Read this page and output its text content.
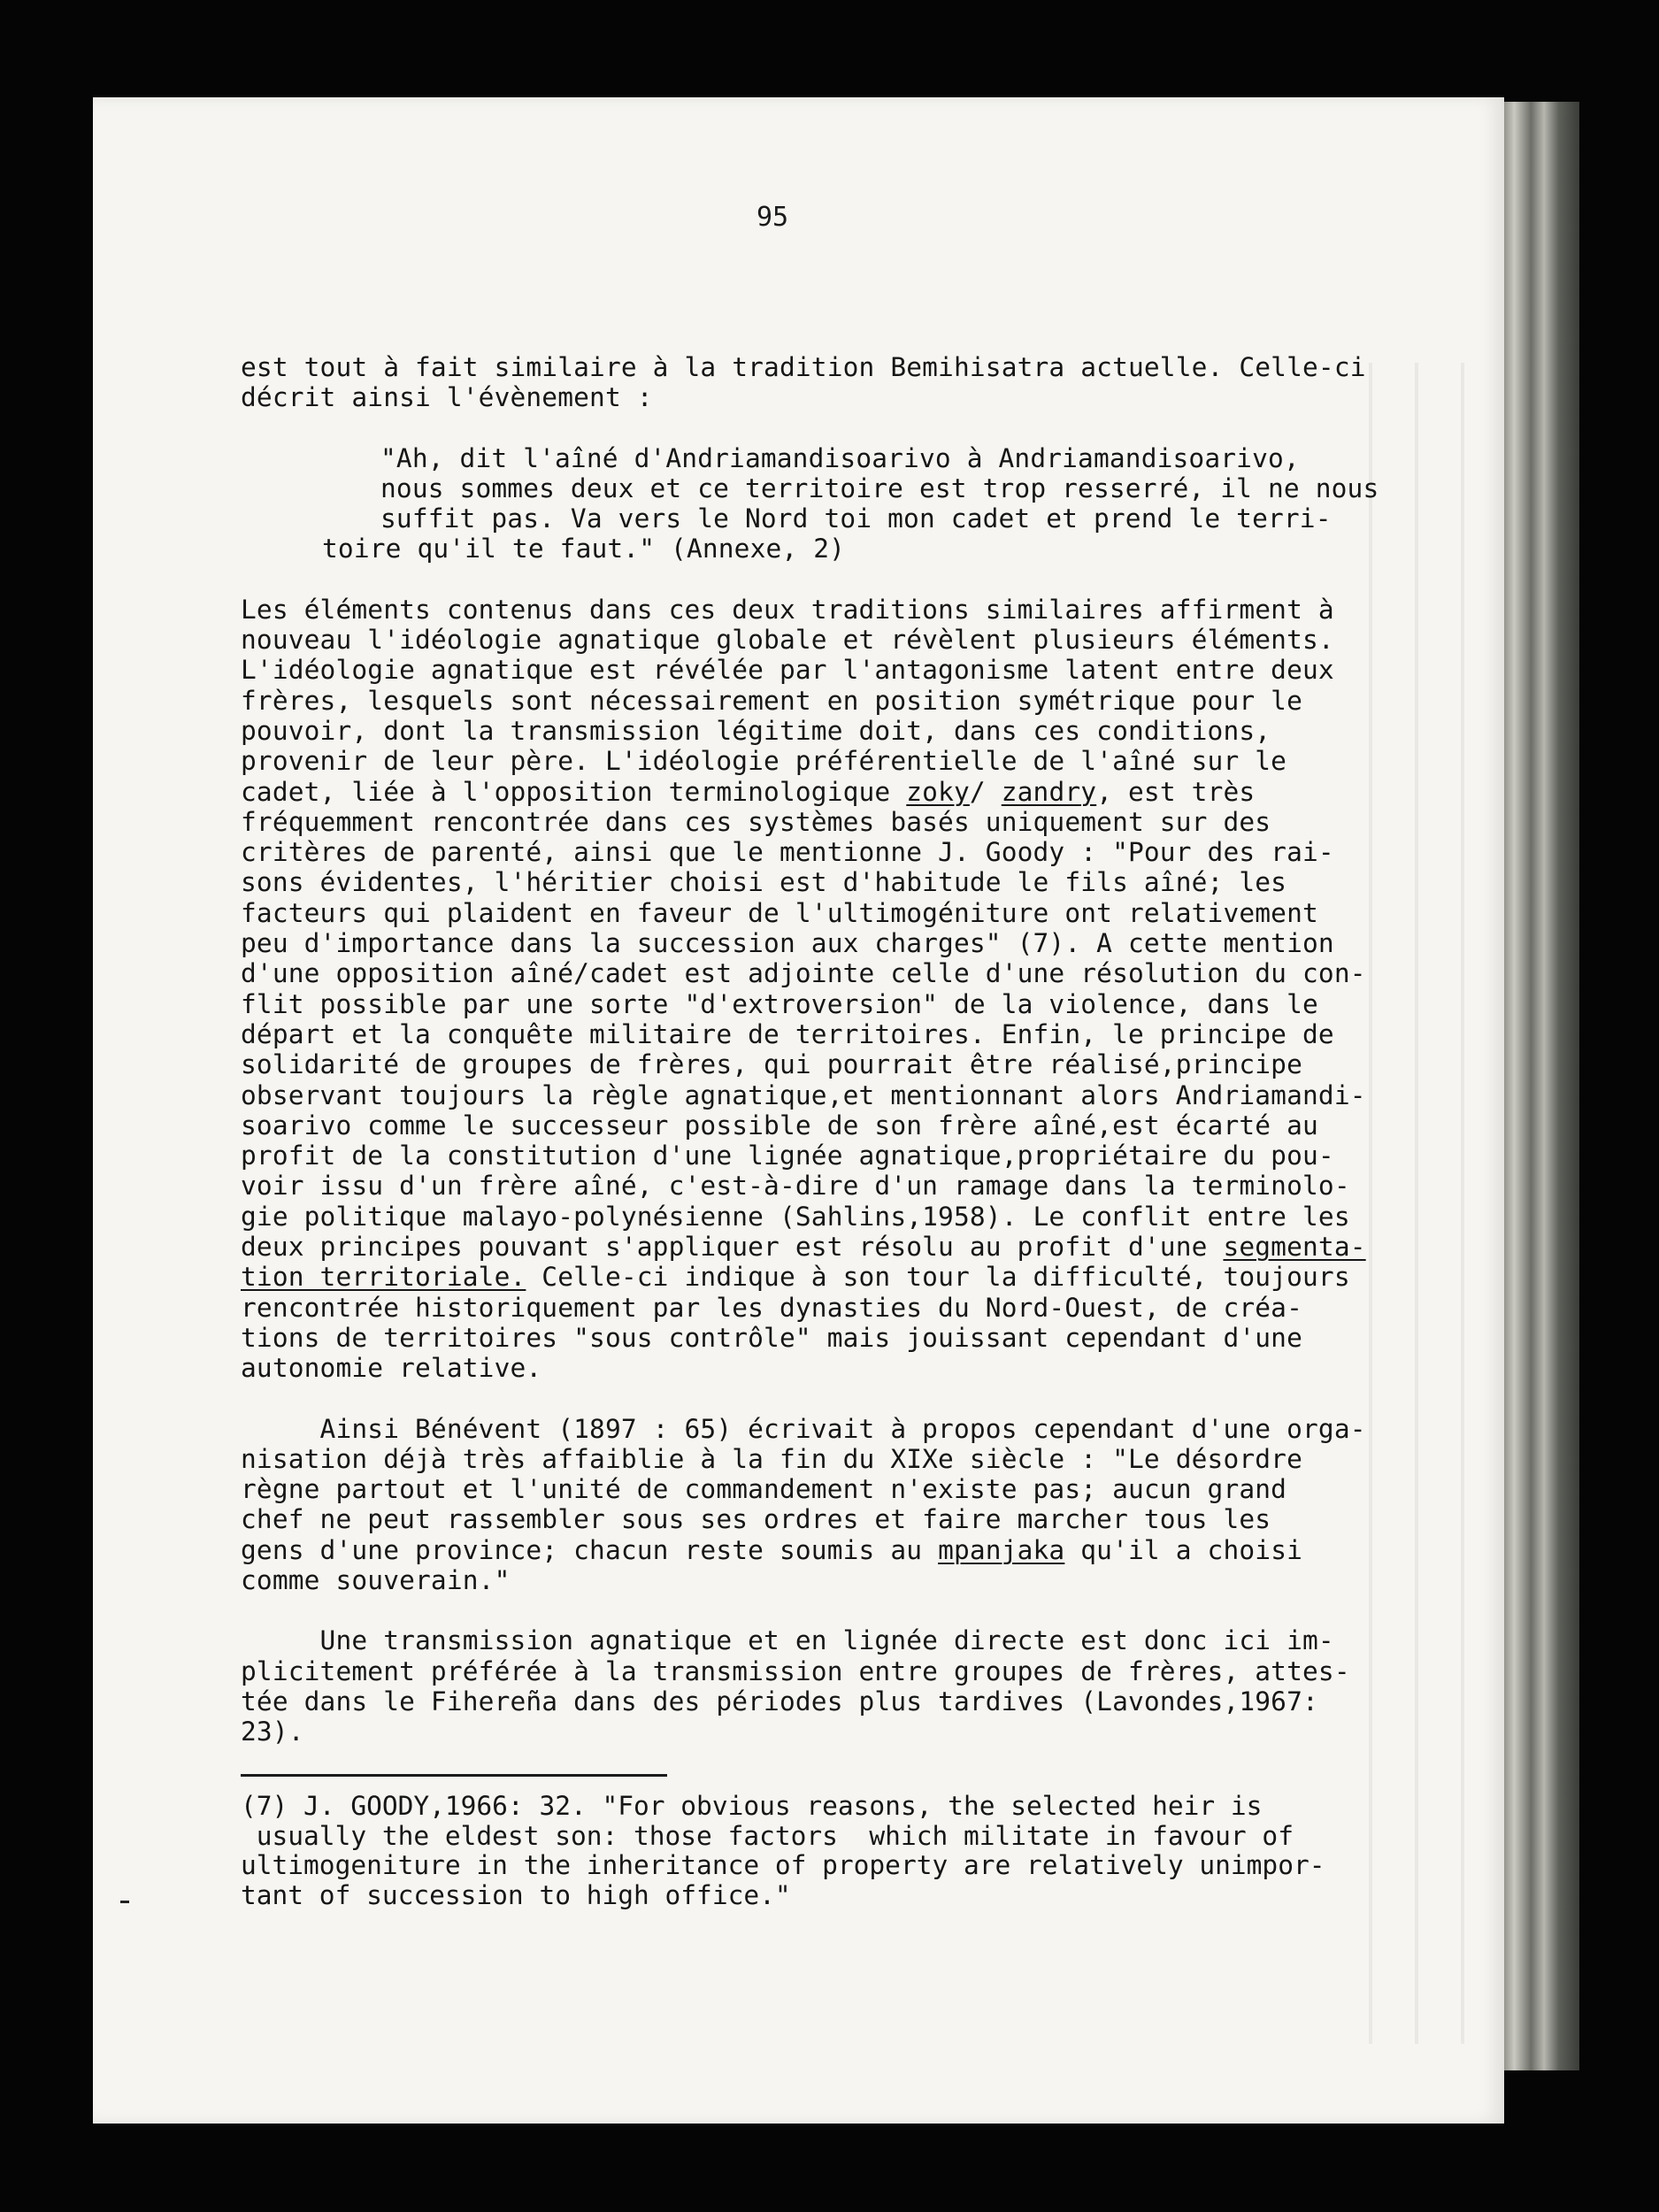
95
est tout à fait similaire à la tradition Bemihisatra actuelle. Celle-ci
décrit ainsi l'évènement :
"Ah, dit l'aîné d'Andriamandisoarivo à Andriamandisoarivo,
nous sommes deux et ce territoire est trop resserré, il ne nous
suffit pas. Va vers le Nord toi mon cadet et prend le terri-
toire qu'il te faut." (Annexe, 2)
Les éléments contenus dans ces deux traditions similaires affirment à
nouveau l'idéologie agnatique globale et révèlent plusieurs éléments.
L'idéologie agnatique est révélée par l'antagonisme latent entre deux
frères, lesquels sont nécessairement en position symétrique pour le
pouvoir, dont la transmission légitime doit, dans ces conditions,
provenir de leur père. L'idéologie préférentielle de l'aîné sur le
cadet, liée à l'opposition terminologique zoky/ zandry, est très
fréquemment rencontrée dans ces systèmes basés uniquement sur des
critères de parenté, ainsi que le mentionne J. Goody : "Pour des rai-
sons évidentes, l'héritier choisi est d'habitude le fils aîné; les
facteurs qui plaident en faveur de l'ultimogéniture ont relativement
peu d'importance dans la succession aux charges" (7). A cette mention
d'une opposition aîné/cadet est adjointe celle d'une résolution du con-
flit possible par une sorte "d'extroversion" de la violence, dans le
départ et la conquête militaire de territoires. Enfin, le principe de
solidarité de groupes de frères, qui pourrait être réalisé,principe
observant toujours la règle agnatique,et mentionnant alors Andriamandi-
soarivo comme le successeur possible de son frère aîné,est écarté au
profit de la constitution d'une lignée agnatique,propriétaire du pou-
voir issu d'un frère aîné, c'est-à-dire d'un ramage dans la terminolo-
gie politique malayo-polynésienne (Sahlins,1958). Le conflit entre les
deux principes pouvant s'appliquer est résolu au profit d'une segmenta-
tion territoriale. Celle-ci indique à son tour la difficulté, toujours
rencontrée historiquement par les dynasties du Nord-Ouest, de créa-
tions de territoires "sous contrôle" mais jouissant cependant d'une
autonomie relative.
Ainsi Bénévent (1897 : 65) écrivait à propos cependant d'une orga-
nisation déjà très affaiblie à la fin du XIXe siècle : "Le désordre
règne partout et l'unité de commandement n'existe pas; aucun grand
chef ne peut rassembler sous ses ordres et faire marcher tous les
gens d'une province; chacun reste soumis au mpanjaka qu'il a choisi
comme souverain."
Une transmission agnatique et en lignée directe est donc ici im-
plicitement préférée à la transmission entre groupes de frères, attes-
tée dans le Fihereña dans des périodes plus tardives (Lavondes,1967:
23).
(7) J. GOODY,1966: 32. "For obvious reasons, the selected heir is
usually the eldest son: those factors  which militate in favour of
ultimogeniture in the inheritance of property are relatively unimpor-
tant of succession to high office."
